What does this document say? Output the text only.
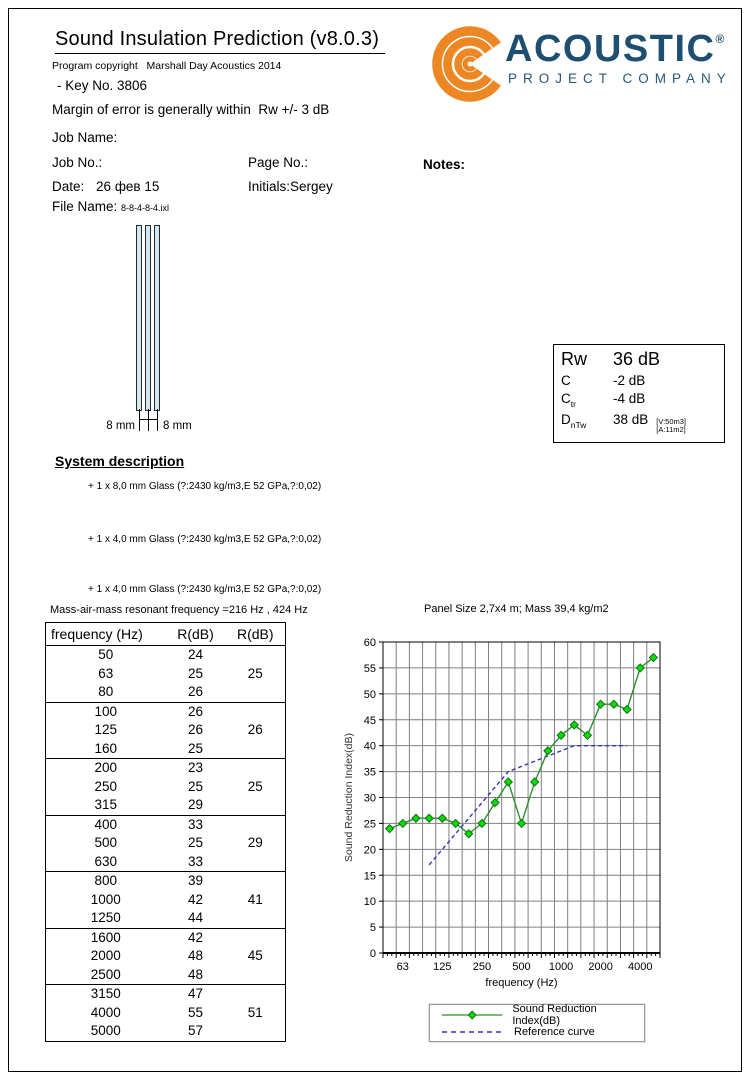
Sound Insulation Prediction (v8.0.3)
Program copyright   Marshall Day Acoustics 2014
- Key No. 3806
Margin of error is generally within  Rw +/- 3 dB
ACOUSTIC®
PROJECT COMPANY
Job Name:
Job No.:	Page No.:	Notes:
Date: 26 фев 15	Initials:Sergey
File Name: 8-8-4-8-4.ixl
8 mm 8 mm
Rw	36 dB
C	-2 dB
$C_{tr}$	-4 dB
$D_{nTw}$	38 dB [V:50m3]
[A:11m2]
System description
+ 1 x 8,0 mm Glass (?:2430 kg/m3,E 52 GPa,?:0,02)
+ 1 x 4,0 mm Glass (?:2430 kg/m3,E 52 GPa,?:0,02)
+ 1 x 4,0 mm Glass (?:2430 kg/m3,E 52 GPa,?:0,02)
Mass-air-mass resonant frequency =216 Hz , 424 Hz
frequency (Hz)	R(dB)	R(dB)
50	24	
63	25	25
80	26	
100	26	
125	26	26
160	25	
200	23	
250	25	25
315	29	
400	33	
500	25	29
630	33	
800	39	
1000	42	41
1250	44	
1600	42	
2000	48	45
2500	48	
3150	47	
4000	55	51
5000	57	
Panel Size 2,7x4 m; Mass 39,4 kg/m2
0
5
10
15
20
25
30
35
40
45
50
55
60
63 125 250 500 1000 2000 4000
Sound Reduction Index(dB)
frequency (Hz)
Sound Reduction Index(dB)
Reference curve
